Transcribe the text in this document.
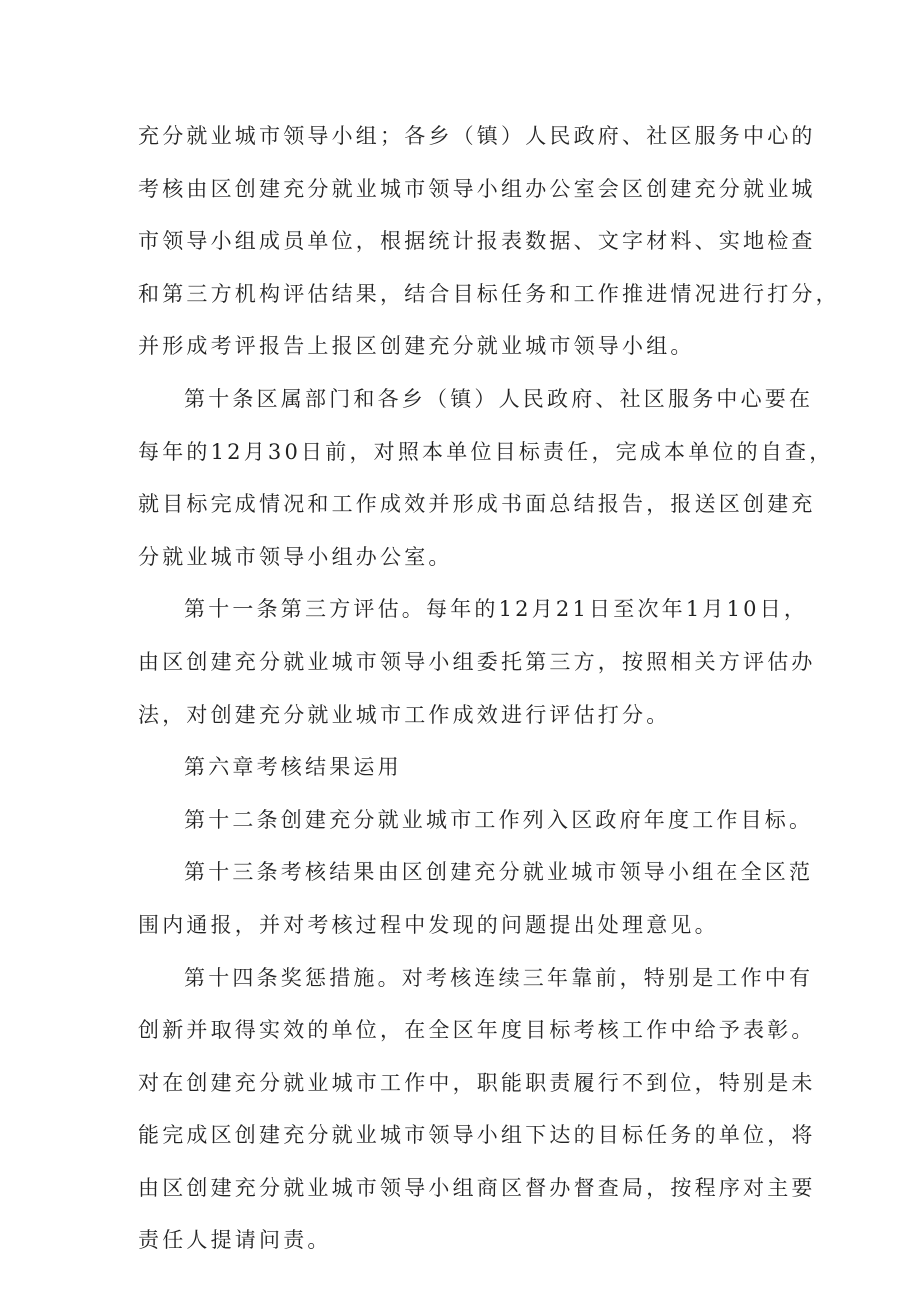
充分就业城市领导小组；各乡（镇）人民政府、社区服务中心的
考核由区创建充分就业城市领导小组办公室会区创建充分就业城
市领导小组成员单位，根据统计报表数据、文字材料、实地检查
和第三方机构评估结果，结合目标任务和工作推进情况进行打分，
并形成考评报告上报区创建充分就业城市领导小组。
第十条区属部门和各乡（镇）人民政府、社区服务中心要在
每年的12月30日前，对照本单位目标责任，完成本单位的自查，
就目标完成情况和工作成效并形成书面总结报告，报送区创建充
分就业城市领导小组办公室。
第十一条第三方评估。每年的12月21日至次年1月10日，
由区创建充分就业城市领导小组委托第三方，按照相关方评估办
法，对创建充分就业城市工作成效进行评估打分。
第六章考核结果运用
第十二条创建充分就业城市工作列入区政府年度工作目标。
第十三条考核结果由区创建充分就业城市领导小组在全区范
围内通报，并对考核过程中发现的问题提出处理意见。
第十四条奖惩措施。对考核连续三年靠前，特别是工作中有
创新并取得实效的单位，在全区年度目标考核工作中给予表彰。
对在创建充分就业城市工作中，职能职责履行不到位，特别是未
能完成区创建充分就业城市领导小组下达的目标任务的单位，将
由区创建充分就业城市领导小组商区督办督查局，按程序对主要
责任人提请问责。
